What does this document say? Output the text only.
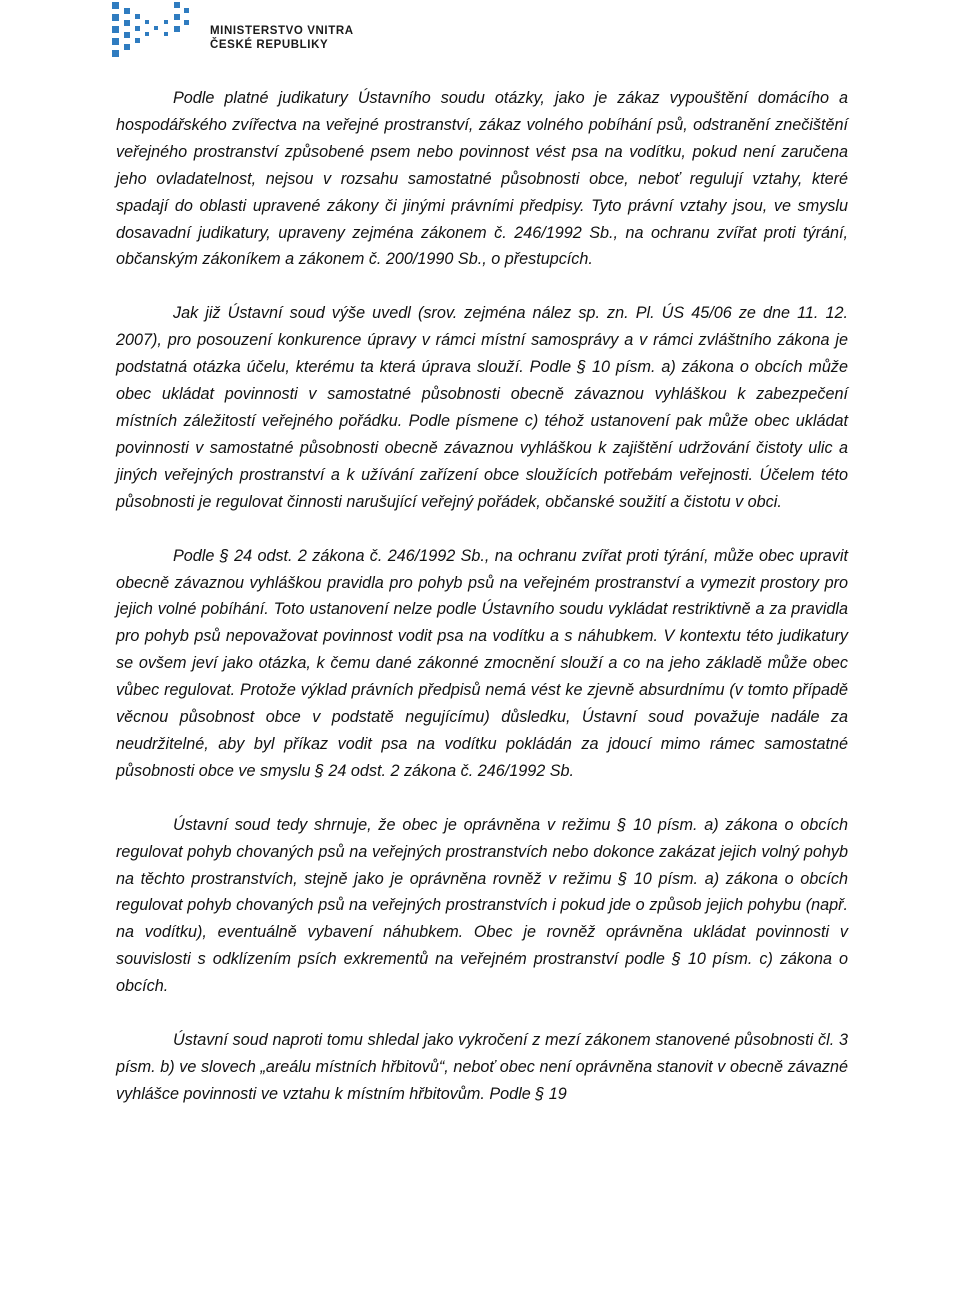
MINISTERSTVO VNITRA
ČESKÉ REPUBLIKY

Podle platné judikatury Ústavního soudu otázky, jako je zákaz vypouštění domácího a hospodářského zvířectva na veřejné prostranství, zákaz volného pobíhání psů, odstranění znečištění veřejného prostranství způsobené psem nebo povinnost vést psa na vodítku, pokud není zaručena jeho ovladatelnost, nejsou v rozsahu samostatné působnosti obce, neboť regulují vztahy, které spadají do oblasti upravené zákony či jinými právními předpisy. Tyto právní vztahy jsou, ve smyslu dosavadní judikatury, upraveny zejména zákonem č. 246/1992 Sb., na ochranu zvířat proti týrání, občanským zákoníkem a zákonem č. 200/1990 Sb., o přestupcích.

Jak již Ústavní soud výše uvedl (srov. zejména nález sp. zn. Pl. ÚS 45/06 ze dne 11. 12. 2007), pro posouzení konkurence úpravy v rámci místní samosprávy a v rámci zvláštního zákona je podstatná otázka účelu, kterému ta která úprava slouží. Podle § 10 písm. a) zákona o obcích může obec ukládat povinnosti v samostatné působnosti obecně závaznou vyhláškou k zabezpečení místních záležitostí veřejného pořádku. Podle písmene c) téhož ustanovení pak může obec ukládat povinnosti v samostatné působnosti obecně závaznou vyhláškou k zajištění udržování čistoty ulic a jiných veřejných prostranství a k užívání zařízení obce sloužících potřebám veřejnosti. Účelem této působnosti je regulovat činnosti narušující veřejný pořádek, občanské soužití a čistotu v obci.

Podle § 24 odst. 2 zákona č. 246/1992 Sb., na ochranu zvířat proti týrání, může obec upravit obecně závaznou vyhláškou pravidla pro pohyb psů na veřejném prostranství a vymezit prostory pro jejich volné pobíhání. Toto ustanovení nelze podle Ústavního soudu vykládat restriktivně a za pravidla pro pohyb psů nepovažovat povinnost vodit psa na vodítku a s náhubkem. V kontextu této judikatury se ovšem jeví jako otázka, k čemu dané zákonné zmocnění slouží a co na jeho základě může obec vůbec regulovat. Protože výklad právních předpisů nemá vést ke zjevně absurdnímu (v tomto případě věcnou působnost obce v podstatě negujícímu) důsledku, Ústavní soud považuje nadále za neudržitelné, aby byl příkaz vodit psa na vodítku pokládán za jdoucí mimo rámec samostatné působnosti obce ve smyslu § 24 odst. 2 zákona č. 246/1992 Sb.

Ústavní soud tedy shrnuje, že obec je oprávněna v režimu § 10 písm. a) zákona o obcích regulovat pohyb chovaných psů na veřejných prostranstvích nebo dokonce zakázat jejich volný pohyb na těchto prostranstvích, stejně jako je oprávněna rovněž v režimu § 10 písm. a) zákona o obcích regulovat pohyb chovaných psů na veřejných prostranstvích i pokud jde o způsob jejich pohybu (např. na vodítku), eventuálně vybavení náhubkem. Obec je rovněž oprávněna ukládat povinnosti v souvislosti s odklízením psích exkrementů na veřejném prostranství podle § 10 písm. c) zákona o obcích.

Ústavní soud naproti tomu shledal jako vykročení z mezí zákonem stanovené působnosti čl. 3 písm. b) ve slovech „areálu místních hřbitovů“, neboť obec není oprávněna stanovit v obecně závazné vyhlášce povinnosti ve vztahu k místním hřbitovům. Podle § 19
